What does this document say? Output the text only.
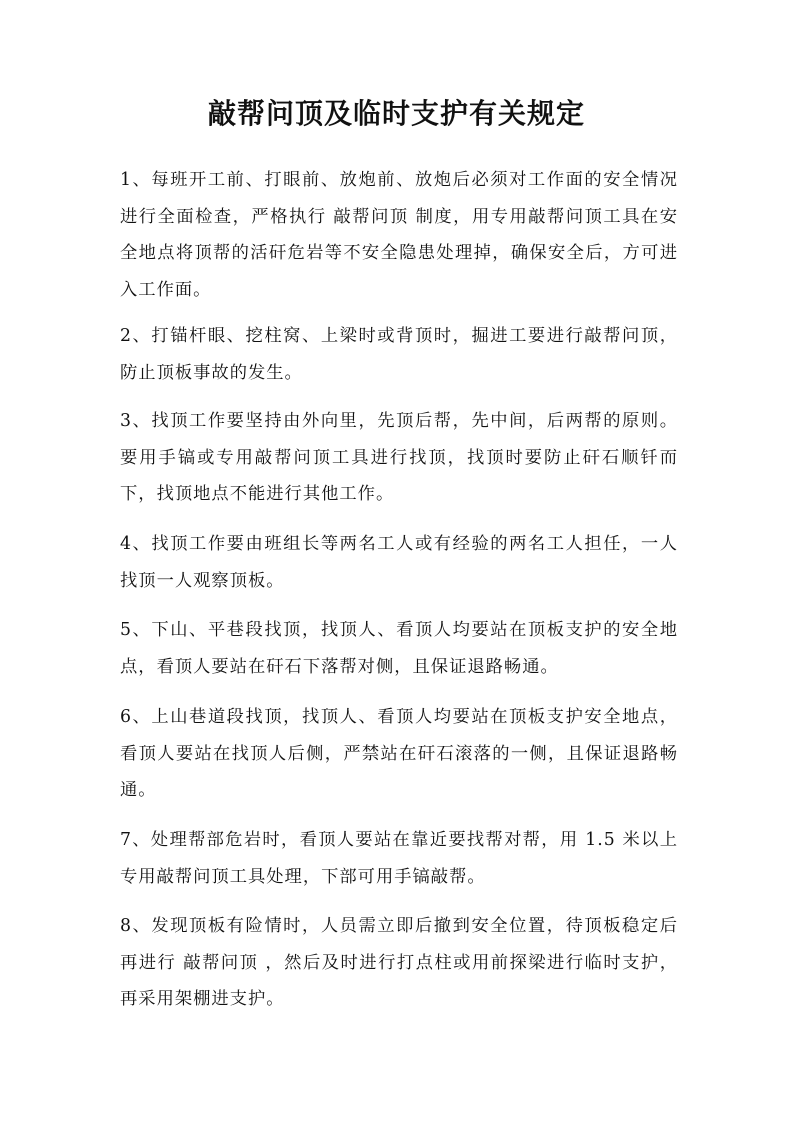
敲帮问顶及临时支护有关规定
1、每班开工前、打眼前、放炮前、放炮后必须对工作面的安全情况进行全面检查，严格执行 敲帮问顶 制度，用专用敲帮问顶工具在安全地点将顶帮的活矸危岩等不安全隐患处理掉，确保安全后，方可进入工作面。
2、打锚杆眼、挖柱窝、上梁时或背顶时，掘进工要进行敲帮问顶，防止顶板事故的发生。
3、找顶工作要坚持由外向里，先顶后帮，先中间，后两帮的原则。要用手镐或专用敲帮问顶工具进行找顶，找顶时要防止矸石顺钎而下，找顶地点不能进行其他工作。
4、找顶工作要由班组长等两名工人或有经验的两名工人担任，一人找顶一人观察顶板。
5、下山、平巷段找顶，找顶人、看顶人均要站在顶板支护的安全地点，看顶人要站在矸石下落帮对侧，且保证退路畅通。
6、上山巷道段找顶，找顶人、看顶人均要站在顶板支护安全地点，看顶人要站在找顶人后侧，严禁站在矸石滚落的一侧，且保证退路畅通。
7、处理帮部危岩时，看顶人要站在靠近要找帮对帮，用 1.5 米以上专用敲帮问顶工具处理，下部可用手镐敲帮。
8、发现顶板有险情时，人员需立即后撤到安全位置，待顶板稳定后再进行 敲帮问顶 ，然后及时进行打点柱或用前探梁进行临时支护，再采用架棚进支护。
